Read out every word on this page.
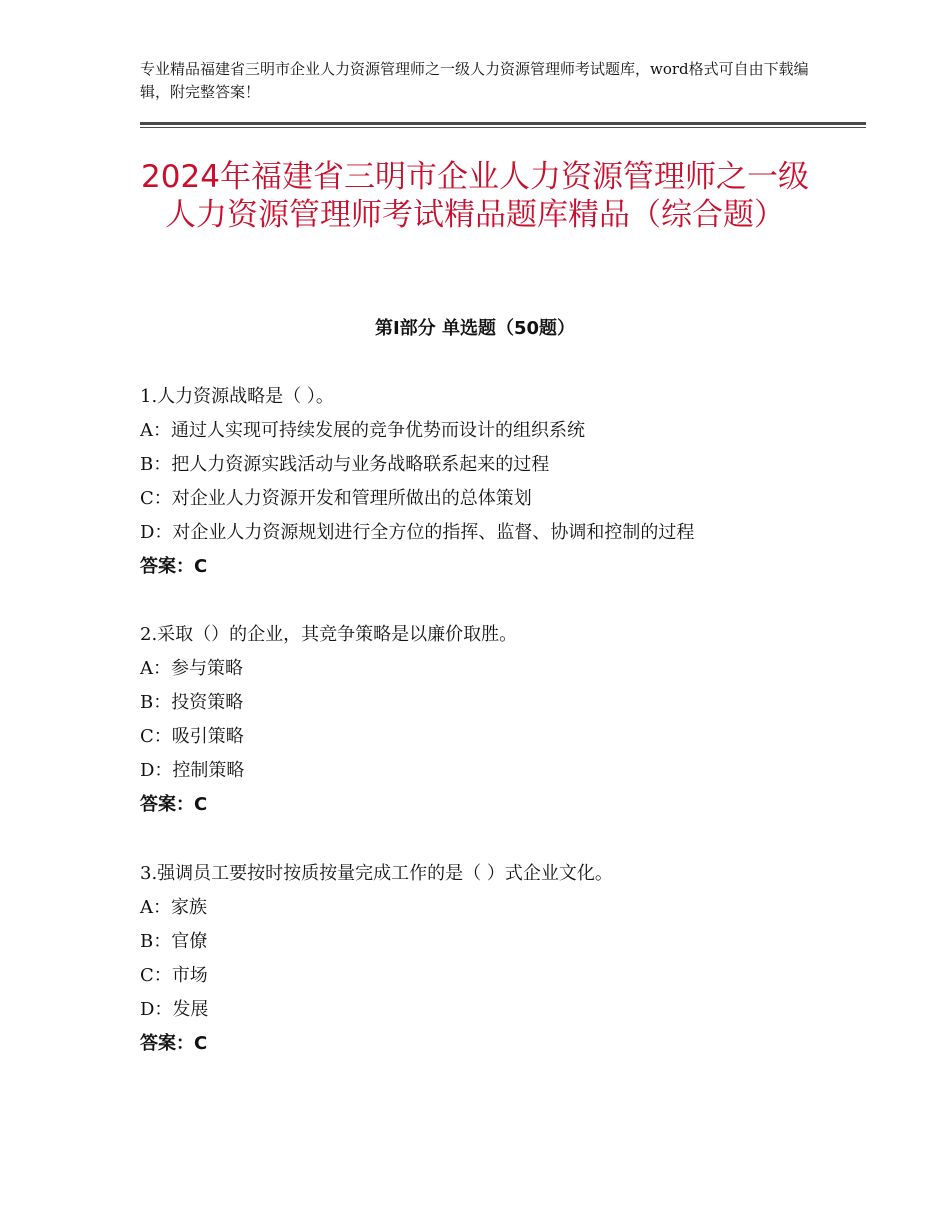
专业精品福建省三明市企业人力资源管理师之一级人力资源管理师考试题库，word格式可自由下载编辑，附完整答案！
2024年福建省三明市企业人力资源管理师之一级人力资源管理师考试精品题库精品（综合题）
第Ⅰ部分 单选题（50题）
1.人力资源战略是（ ）。
A：通过人实现可持续发展的竞争优势而设计的组织系统
B：把人力资源实践活动与业务战略联系起来的过程
C：对企业人力资源开发和管理所做出的总体策划
D：对企业人力资源规划进行全方位的指挥、监督、协调和控制的过程
答案：C
2.采取（）的企业，其竞争策略是以廉价取胜。
A：参与策略
B：投资策略
C：吸引策略
D：控制策略
答案：C
3.强调员工要按时按质按量完成工作的是（ ）式企业文化。
A：家族
B：官僚
C：市场
D：发展
答案：C
